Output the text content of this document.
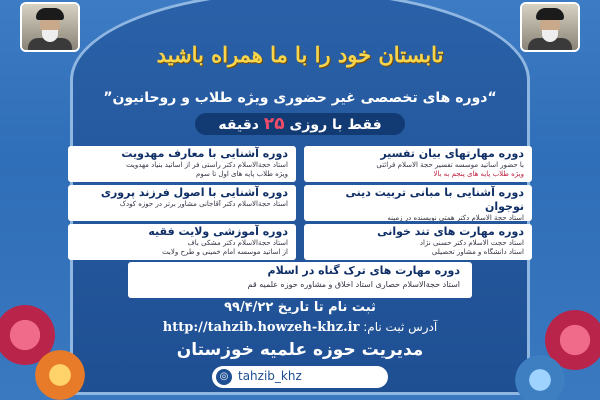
تابستان خود را با ما همراه باشید
“دوره های تخصصی غیر حضوری ویژه طلاب و روحانیون”
فقط با روزی ۲۵ دقیقه
دوره مهارتهای بیان تفسیر
با حضور اساتید موسسه تفسیر حجة الاسلام قرائتی
ویژه طلاب پایه های پنجم به بالا
دوره آشنایی با معارف مهدویت
استاد حجة‌الاسلام دکتر راستی فر از اساتید بنیاد مهدویت
ویژه طلاب پایه های اول تا سوم
دوره آشنایی با مبانی تربیت دینی نوجوان
استاد حجة الاسلام دکتر همتی نویسنده در زمینه
دوره آشنایی با اصول فرزند پروری
استاد حجة‌الاسلام دکتر آقاجانی مشاور برتر در حوزه کودک
دوره مهارت های تند خوانی
استاد حجت الاسلام دکتر حسنی نژاد
استاد دانشگاه و مشاور تحصیلی
دوره آموزشی ولایت فقیه
استاد حجة‌الاسلام دکتر مشکی باف
از اساتید موسسه امام خمینی و طرح ولایت
دوره مهارت های ترک گناه در اسلام
استاد حجة‌الاسلام حصاری استاد اخلاق و مشاوره حوزه علمیه قم
ثبت نام تا تاریخ ۹۹/۴/۲۲
آدرس ثبت نام: http://tahzib.howzeh-khz.ir
مدیریت حوزه علمیه خوزستان
◎ tahzib_khz
